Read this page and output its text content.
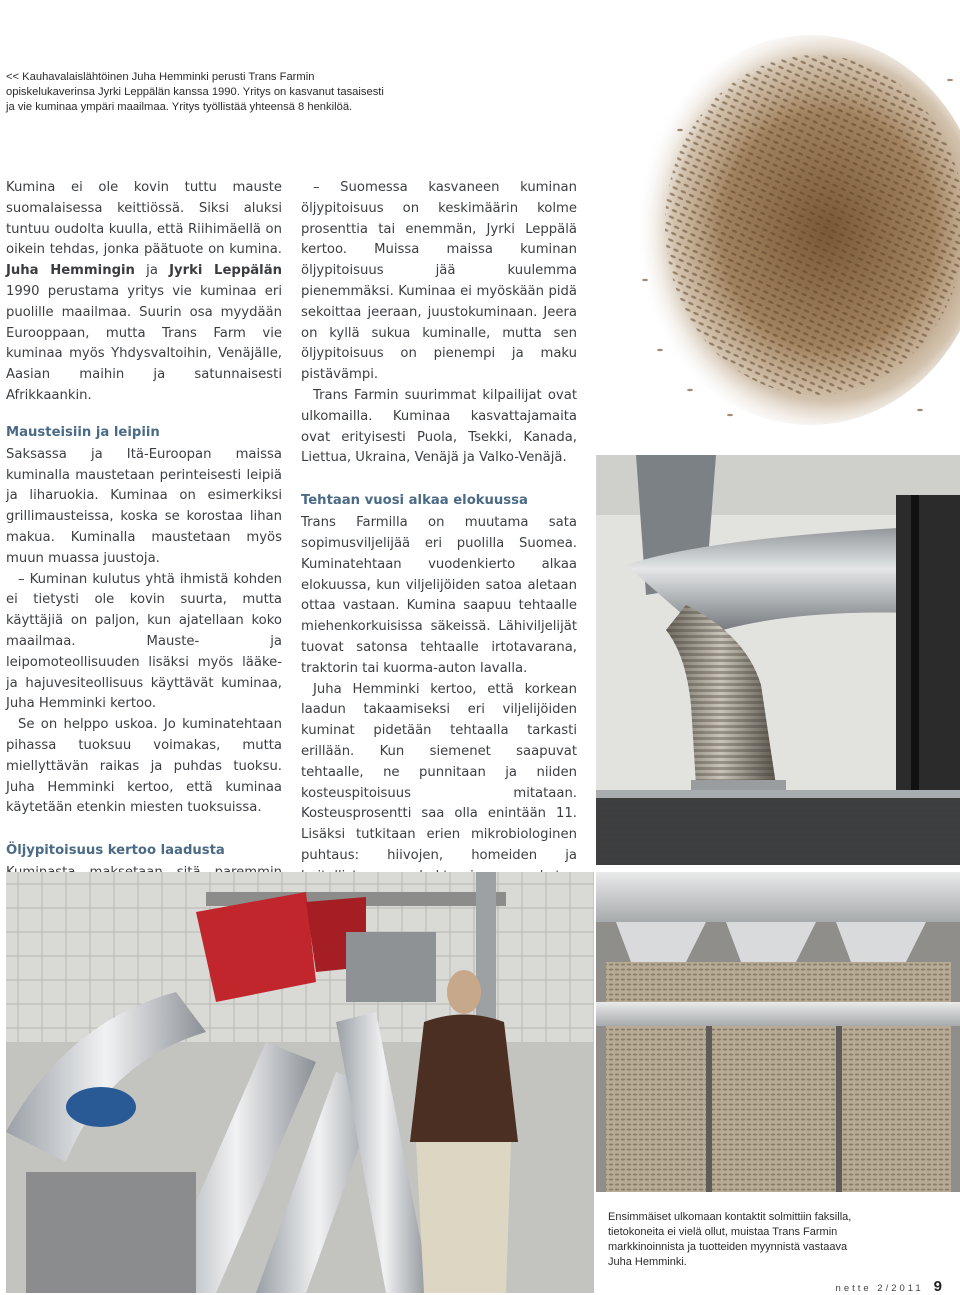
<< Kauhavalaislähtöinen Juha Hemminki perusti Trans Farmin opiskelukaverinsa Jyrki Leppälän kanssa 1990. Yritys on kasvanut tasaisesti ja vie kuminaa ympäri maailmaa. Yritys työllistää yhteensä 8 henkilöä.

Kumina ei ole kovin tuttu mauste suomalaisessa keittiössä. Siksi aluksi tuntuu oudolta kuulla, että Riihimäellä on oikein tehdas, jonka päätuote on kumina. Juha Hemmingin ja Jyrki Leppälän 1990 perustama yritys vie kuminaa eri puolille maailmaa. Suurin osa myydään Eurooppaan, mutta Trans Farm vie kuminaa myös Yhdysvaltoihin, Venäjälle, Aasian maihin ja satunnaisesti Afrikkaankin.

Mausteisiin ja leipiin

Saksassa ja Itä-Euroopan maissa kuminalla maustetaan perinteisesti leipiä ja liharuokia. Kuminaa on esimerkiksi grillimausteissa, koska se korostaa lihan makua. Kuminalla maustetaan myös muun muassa juustoja.

– Kuminan kulutus yhtä ihmistä kohden ei tietysti ole kovin suurta, mutta käyttäjiä on paljon, kun ajatellaan koko maailmaa. Mauste- ja leipomoteollisuuden lisäksi myös lääke- ja hajuvesiteollisuus käyttävät kuminaa, Juha Hemminki kertoo.

Se on helppo uskoa. Jo kuminatehtaan pihassa tuoksuu voimakas, mutta miellyttävän raikas ja puhdas tuoksu. Juha Hemminki kertoo, että kuminaa käytetään etenkin miesten tuoksuissa.

Öljypitoisuus kertoo laadusta

– Suomessa kasvaneen kuminan öljypitoisuus on keskimäärin kolme prosenttia tai enemmän, Jyrki Leppälä kertoo. Muissa maissa kuminan öljypitoisuus jää kuulemma pienemmäksi. Kuminaa ei myöskään pidä sekoittaa jeeraan, juustokuminaan. Jeera on kyllä sukua kuminalle, mutta sen öljypitoisuus on pienempi ja maku pistävämpi.

Trans Farmin suurimmat kilpailijat ovat ulkomailla. Kuminaa kasvattajamaita ovat erityisesti Puola, Tsekki, Kanada, Liettua, Ukraina, Venäjä ja Valko-Venäjä.

Tehtaan vuosi alkaa elokuussa

Trans Farmilla on muutama sata sopimusviljelijää eri puolilla Suomea. Kuminatehtaan vuodenkierto alkaa elokuussa, kun viljelijöiden satoa aletaan ottaa vastaan. Kumina saapuu tehtaalle miehenkorkuisissa säkeissä. Lähiviljelijät tuovat satonsa tehtaalle irtotavarana, traktorin tai kuorma-auton lavalla.

Juha Hemminki kertoo, että korkean laadun takaamiseksi eri viljelijöiden kuminat pidetään tehtaalla tarkasti erillään. Kun siemenet saapuvat tehtaalle, ne punnitaan ja niiden kosteuspitoisuus mitataan. Kosteusprosentti saa olla enintään 11. Lisäksi tutkitaan erien mikrobiologinen puhtaus: hiivojen, homeiden ja

Ensimmäiset ulkomaan kontaktit solmittiin faksilla, tietokoneita ei vielä ollut, muistaa Trans Farmin markkinoinnista ja tuotteiden myynnistä vastaava Juha Hemminki.
nette 2/2011 9
